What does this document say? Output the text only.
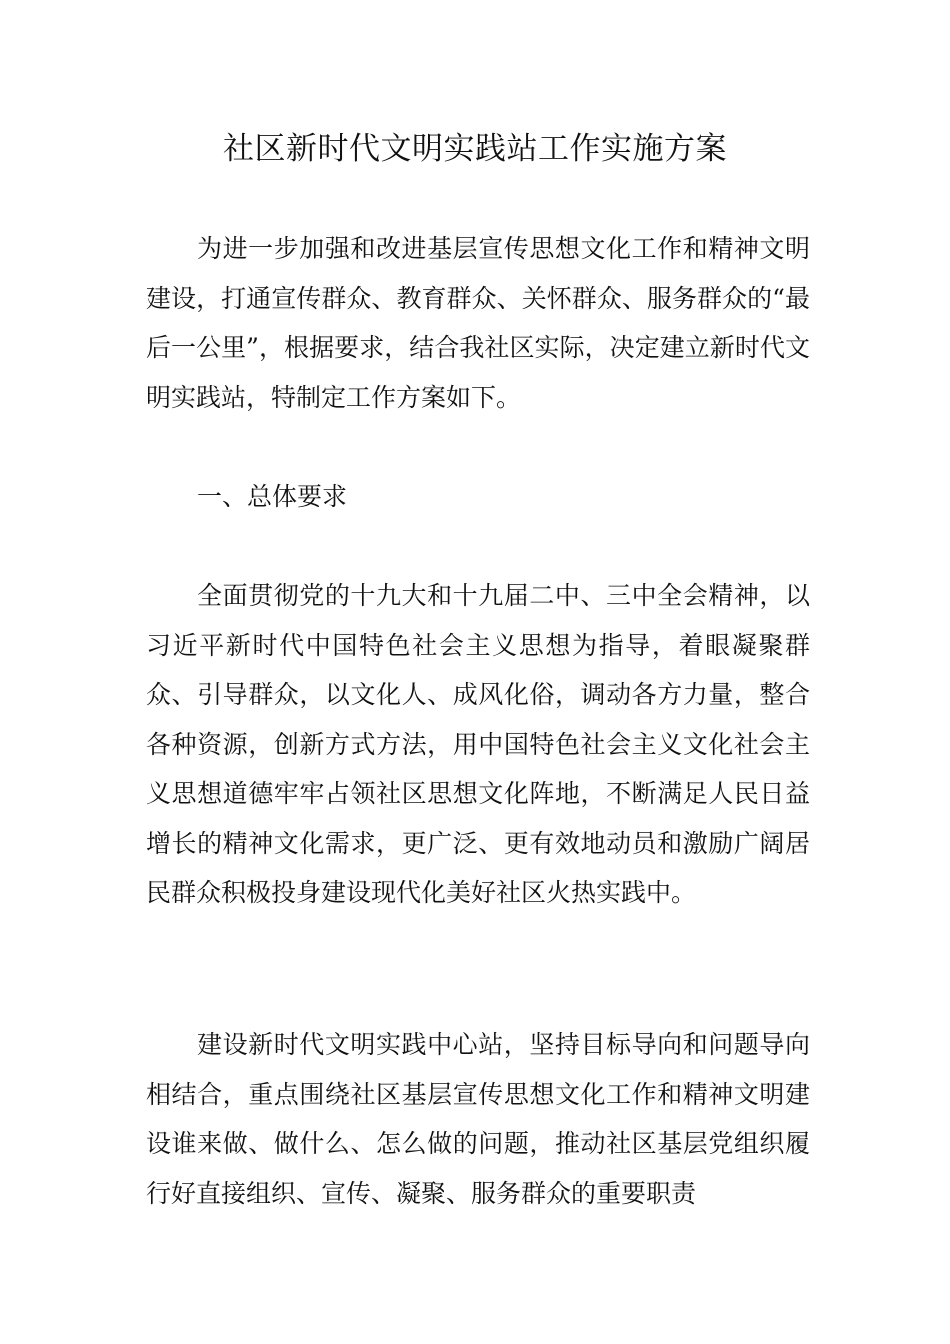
社区新时代文明实践站工作实施方案

为进一步加强和改进基层宣传思想文化工作和精神文明建设，打通宣传群众、教育群众、关怀群众、服务群众的“最后一公里”，根据要求，结合我社区实际，决定建立新时代文明实践站，特制定工作方案如下。

一、总体要求

全面贯彻党的十九大和十九届二中、三中全会精神，以习近平新时代中国特色社会主义思想为指导，着眼凝聚群众、引导群众，以文化人、成风化俗，调动各方力量，整合各种资源，创新方式方法，用中国特色社会主义文化社会主义思想道德牢牢占领社区思想文化阵地，不断满足人民日益增长的精神文化需求，更广泛、更有效地动员和激励广阔居民群众积极投身建设现代化美好社区火热实践中。

建设新时代文明实践中心站，坚持目标导向和问题导向相结合，重点围绕社区基层宣传思想文化工作和精神文明建设谁来做、做什么、怎么做的问题，推动社区基层党组织履行好直接组织、宣传、凝聚、服务群众的重要职责
